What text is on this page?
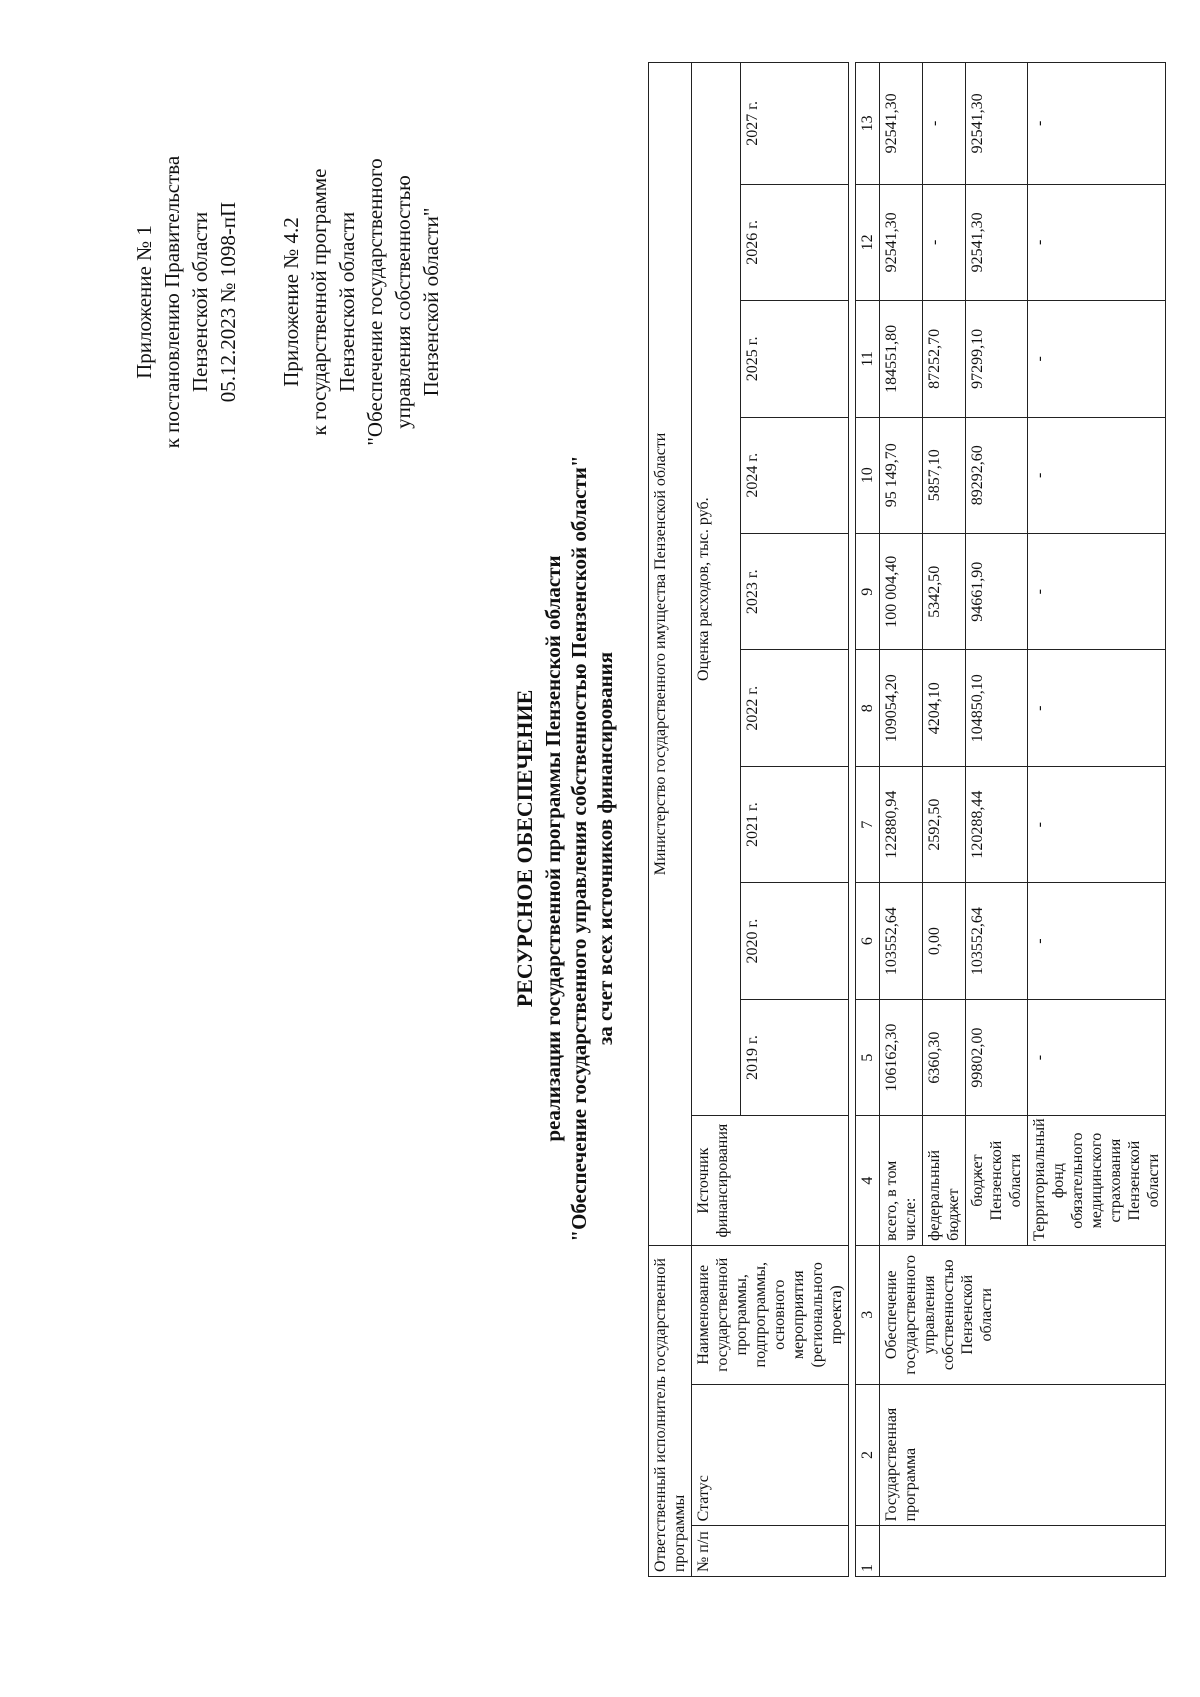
Приложение № 1 к постановлению Правительства Пензенской области 05.12.2023 № 1098-пП Приложение № 4.2 к государственной программе Пензенской области "Обеспечение государственного управления собственностью Пензенской области"
РЕСУРСНОЕ ОБЕСПЕЧЕНИЕ реализации государственной программы Пензенской области "Обеспечение государственного управления собственностью Пензенской области" за счет всех источников финансирования
Ответственный исполнитель государственной программы			Министерство государственного имущества Пензенской области									
№ п/п	Статус	Наименование государственной программы, подпрограммы, основного мероприятия (регионального проекта)	Источник финансирования	Оценка расходов, тыс. руб.								
				2019 г.	2020 г.	2021 г.	2022 г.	2023 г.	2024 г.	2025 г.	2026 г.	2027 г.

1	2	3	4	5	6	7	8	9	10	11	12	13
	Государственная программа	Обеспечение государственного управления собственностью Пензенской области	всего, в том числе:	106162,30	103552,64	122880,94	109054,20	100 004,40	95 149,70	184551,80	92541,30	92541,30
			федеральный бюджет	6360,30	0,00	2592,50	4204,10	5342,50	5857,10	87252,70	-	-
			бюджет Пензенской области	99802,00	103552,64	120288,44	104850,10	94661,90	89292,60	97299,10	92541,30	92541,30
			Территориальный фонд обязательного медицинского страхования Пензенской области	-	-	-	-	-	-	-	-	-
